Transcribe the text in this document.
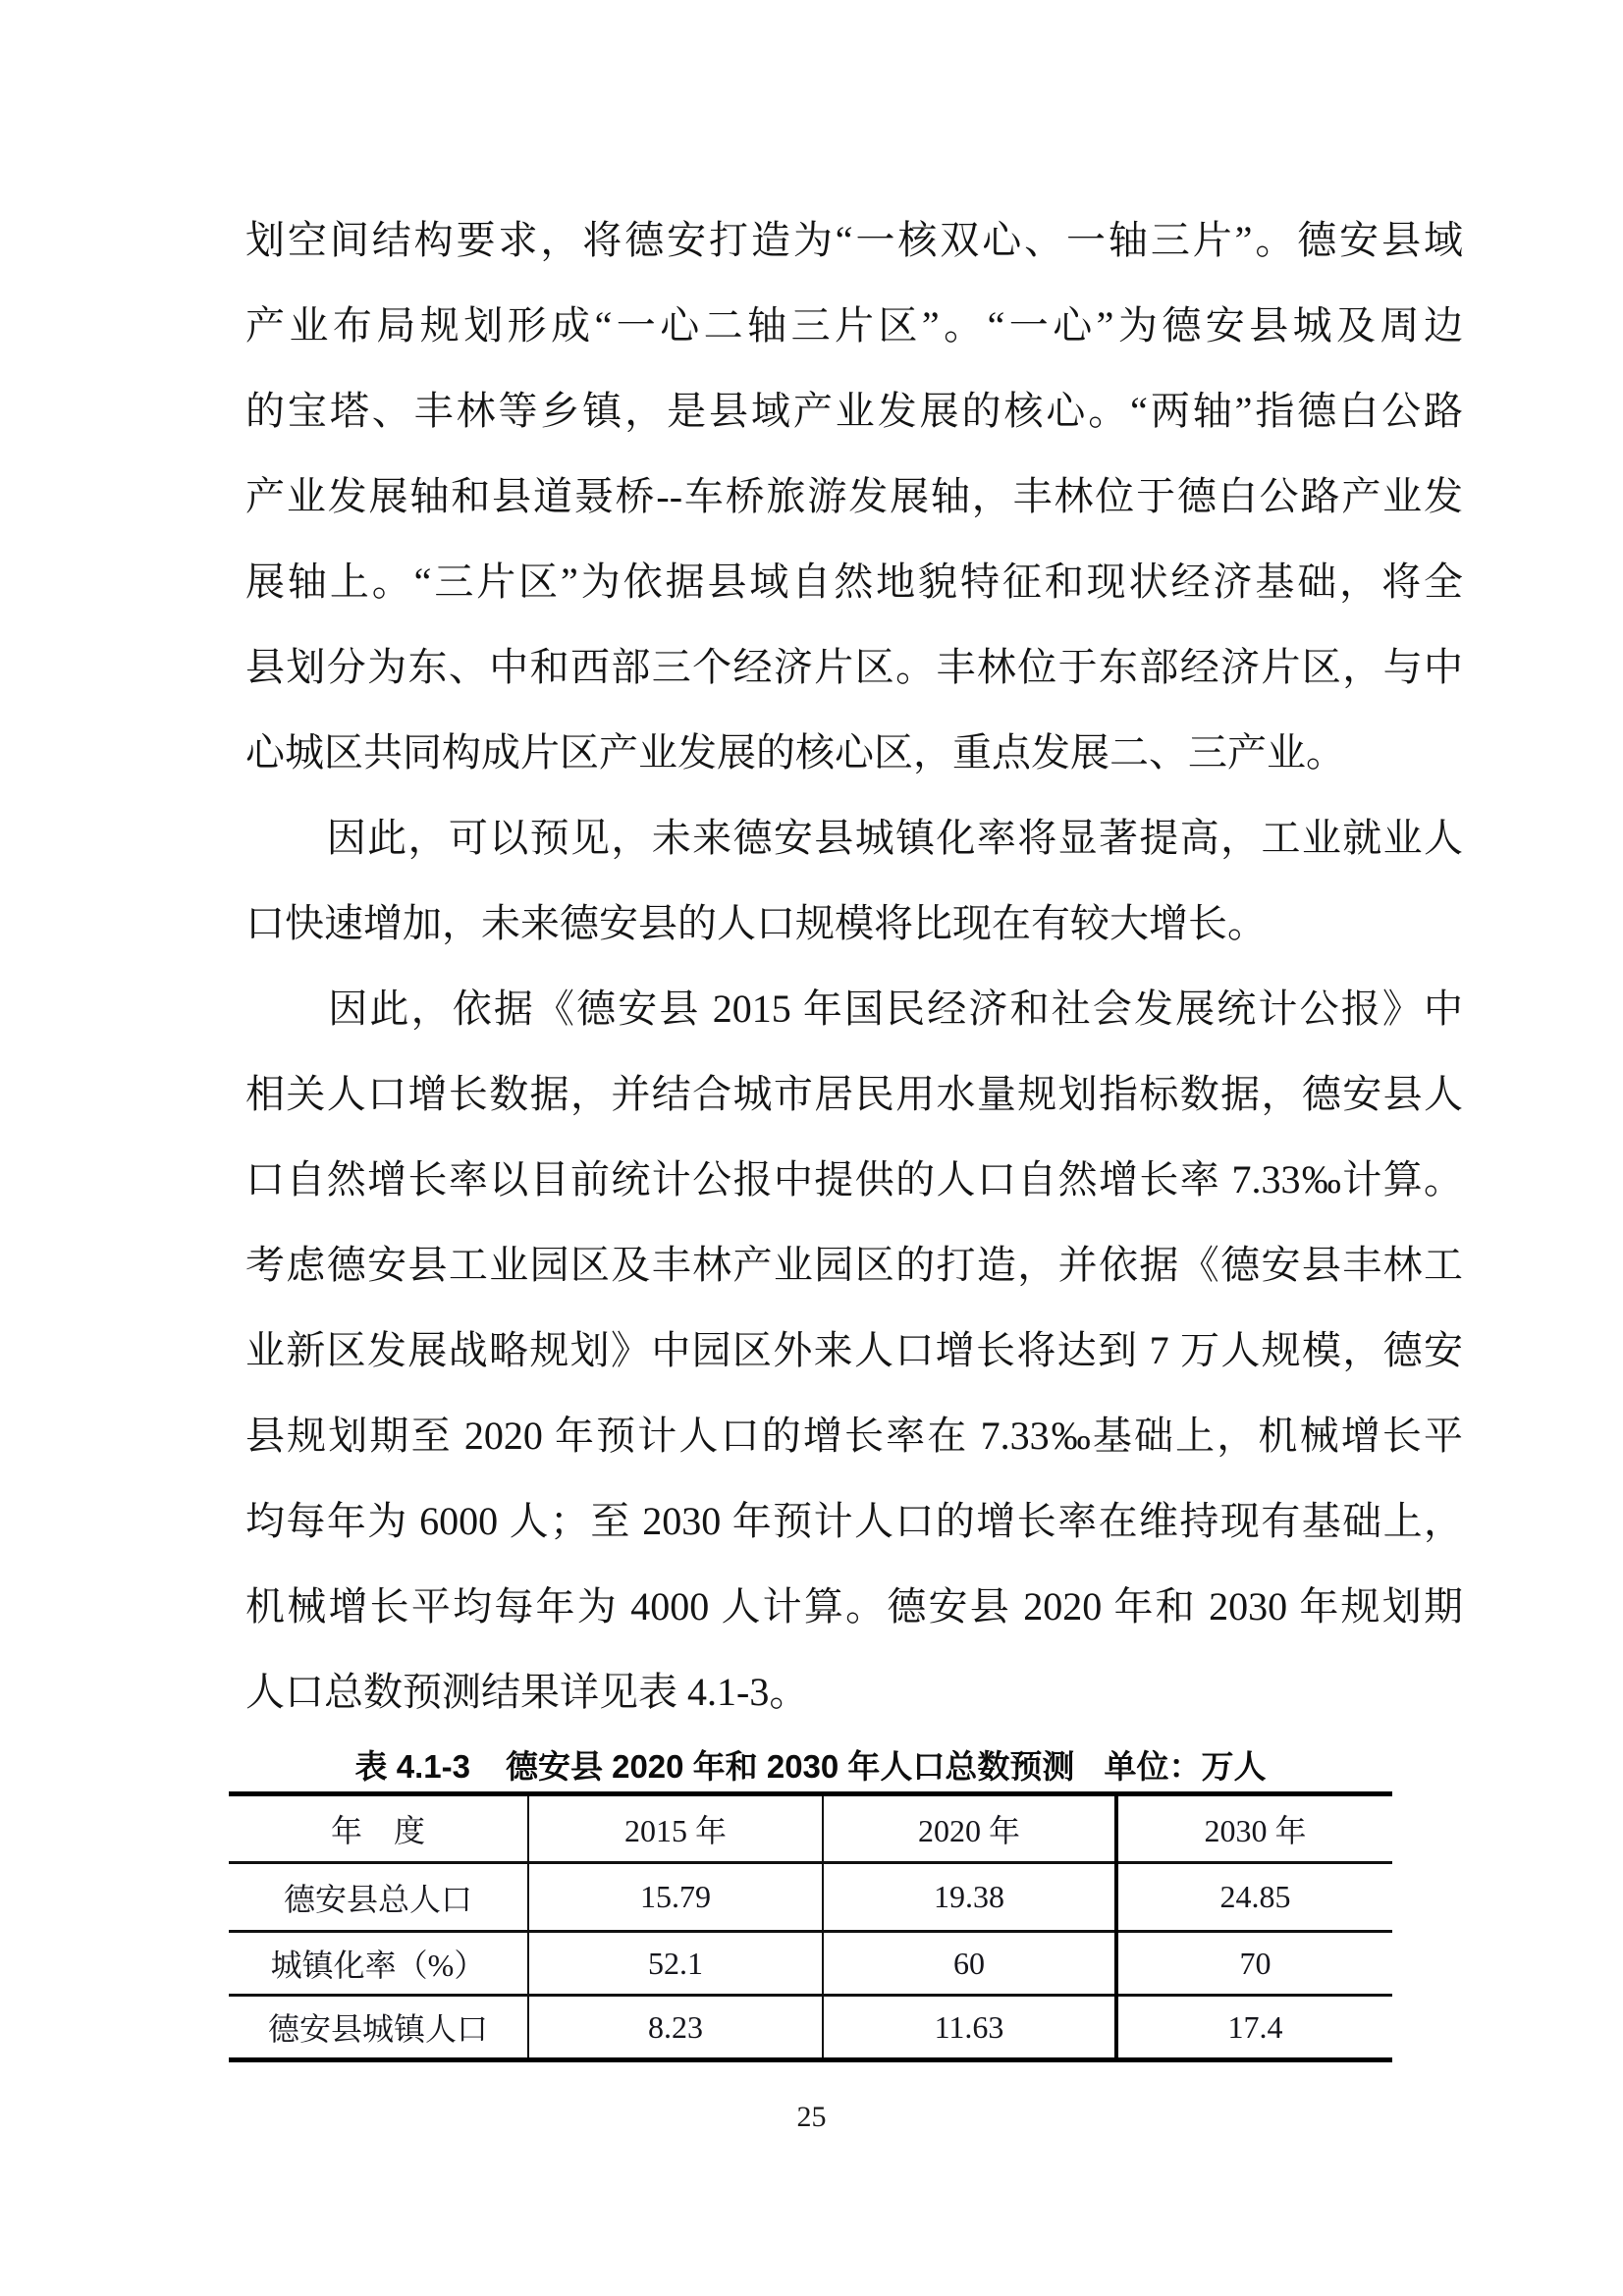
划空间结构要求，将德安打造为“一核双心、一轴三片”。德安县域
产业布局规划形成“一心二轴三片区”。“一心”为德安县城及周边
的宝塔、丰林等乡镇，是县域产业发展的核心。“两轴”指德白公路
产业发展轴和县道聂桥--车桥旅游发展轴，丰林位于德白公路产业发
展轴上。“三片区”为依据县域自然地貌特征和现状经济基础，将全
县划分为东、中和西部三个经济片区。丰林位于东部经济片区，与中
心城区共同构成片区产业发展的核心区，重点发展二、三产业。
　　因此，可以预见，未来德安县城镇化率将显著提高，工业就业人
口快速增加，未来德安县的人口规模将比现在有较大增长。
　　因此，依据《德安县 2015 年国民经济和社会发展统计公报》中
相关人口增长数据，并结合城市居民用水量规划指标数据，德安县人
口自然增长率以目前统计公报中提供的人口自然增长率 7.33‰计算。
考虑德安县工业园区及丰林产业园区的打造，并依据《德安县丰林工
业新区发展战略规划》中园区外来人口增长将达到 7 万人规模，德安
县规划期至 2020 年预计人口的增长率在 7.33‰基础上，机械增长平
均每年为 6000 人；至 2030 年预计人口的增长率在维持现有基础上，
机械增长平均每年为 4000 人计算。德安县 2020 年和 2030 年规划期
人口总数预测结果详见表 4.1-3。
表 4.1-3 德安县 2020 年和 2030 年人口总数预测 单位：万人
年　度	2015 年	2020 年	2030 年
德安县总人口	15.79	19.38	24.85
城镇化率（%）	52.1	60	70
德安县城镇人口	8.23	11.63	17.4
25
